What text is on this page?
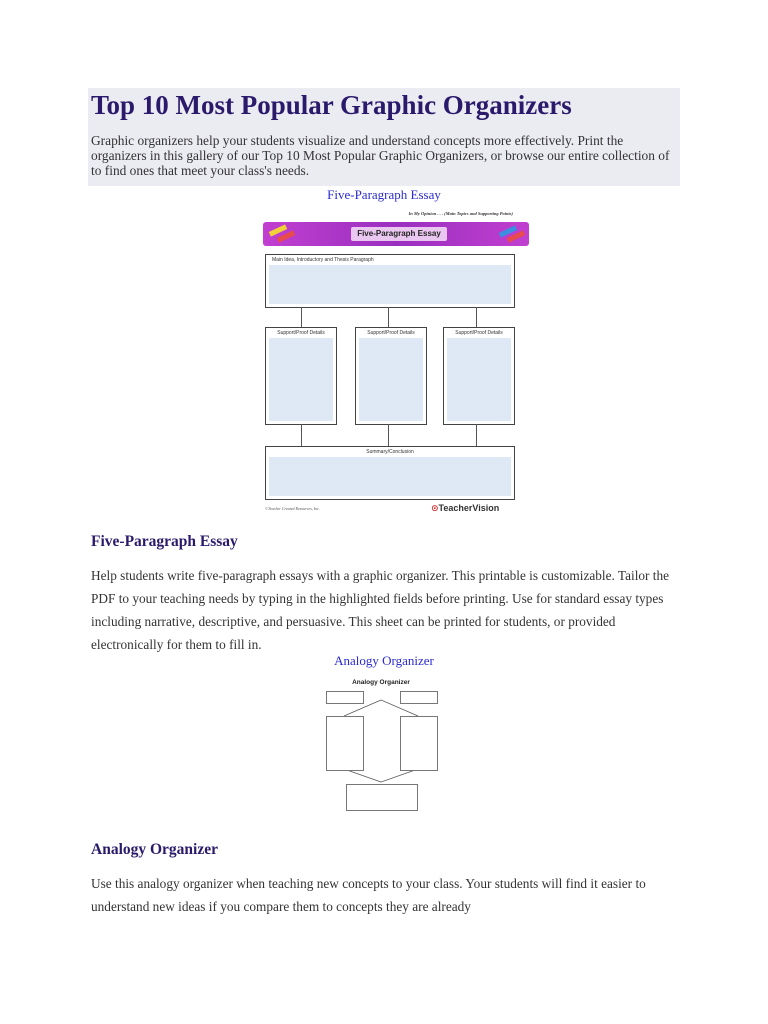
Top 10 Most Popular Graphic Organizers

Graphic organizers help your students visualize and understand concepts more effectively. Print the organizers in this gallery of our Top 10 Most Popular Graphic Organizers, or browse our entire collection of to find ones that meet your class's needs.

Five-Paragraph Essay
In My Opinion . . . (Main Topics and Supporting Points)
Five-Paragraph Essay
Main Idea, Introductory and Thesis Paragraph
Support/Proof Details	Support/Proof Details	Support/Proof Details
Summary/Conclusion
©Teacher Created Resources, Inc.	⊙TeacherVision
Five-Paragraph Essay

Help students write five-paragraph essays with a graphic organizer. This printable is customizable. Tailor the PDF to your teaching needs by typing in the highlighted fields before printing. Use for standard essay types including narrative, descriptive, and persuasive. This sheet can be printed for students, or provided electronically for them to fill in.

Analogy Organizer
Analogy Organizer
Analogy Organizer

Use this analogy organizer when teaching new concepts to your class. Your students will find it easier to understand new ideas if you compare them to concepts they are already
